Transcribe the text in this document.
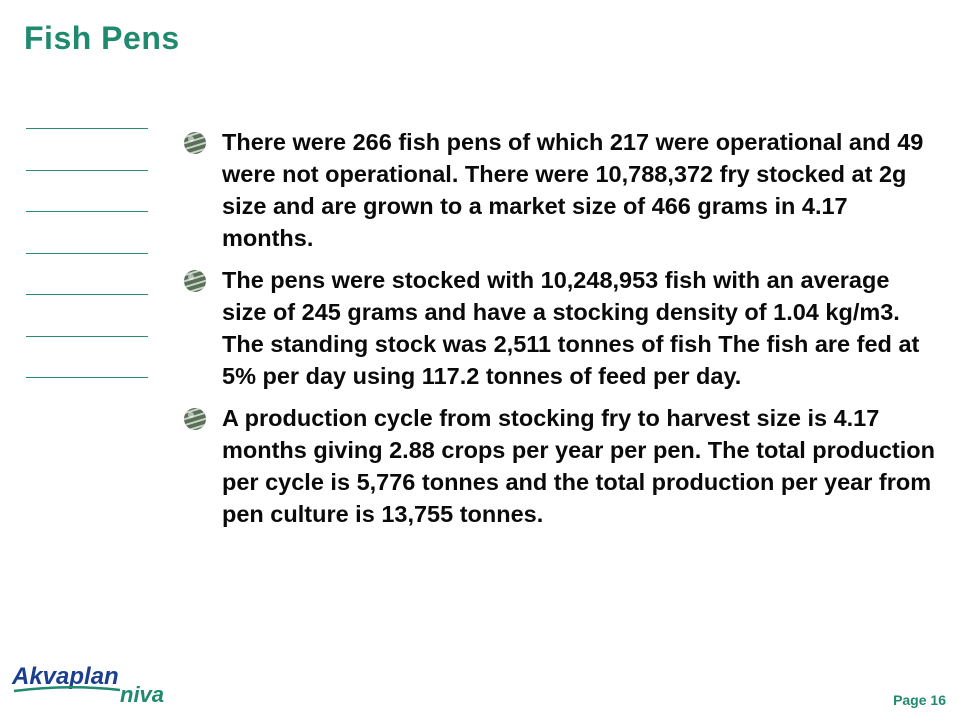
Fish Pens
There were 266 fish pens of which 217 were operational and 49 were not operational. There were 10,788,372 fry stocked at 2g size and are grown to a market size of 466 grams in 4.17 months.
The pens were stocked with 10,248,953 fish with an average size of 245 grams and have a stocking density of 1.04 kg/m3. The standing stock was 2,511 tonnes of fish The fish are fed at 5% per day using 117.2 tonnes of feed per day.
A production cycle from stocking fry to harvest size is 4.17 months giving 2.88 crops per year per pen. The total production per cycle is 5,776 tonnes and the total production per year from pen culture is 13,755 tonnes.
Akvaplan
niva	Page 16
